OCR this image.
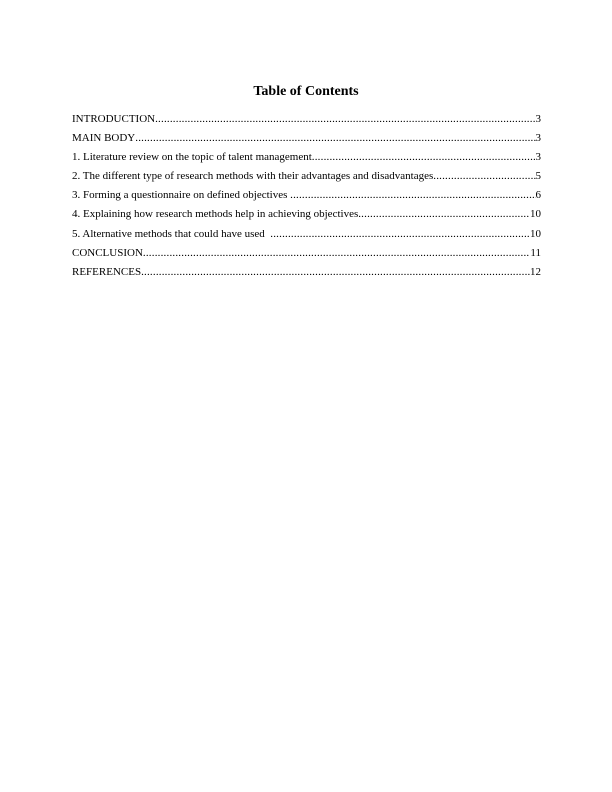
Table of Contents
INTRODUCTION .....	3
MAIN BODY .....	3
1. Literature review on the topic of talent management .....	3
2. The different type of research methods with their advantages and disadvantages .....	5
3. Forming a questionnaire on defined objectives .....	6
4. Explaining how research methods help in achieving objectives .....	10
5. Alternative methods that could have used .....	10
CONCLUSION .....	11
REFERENCES .....	12
